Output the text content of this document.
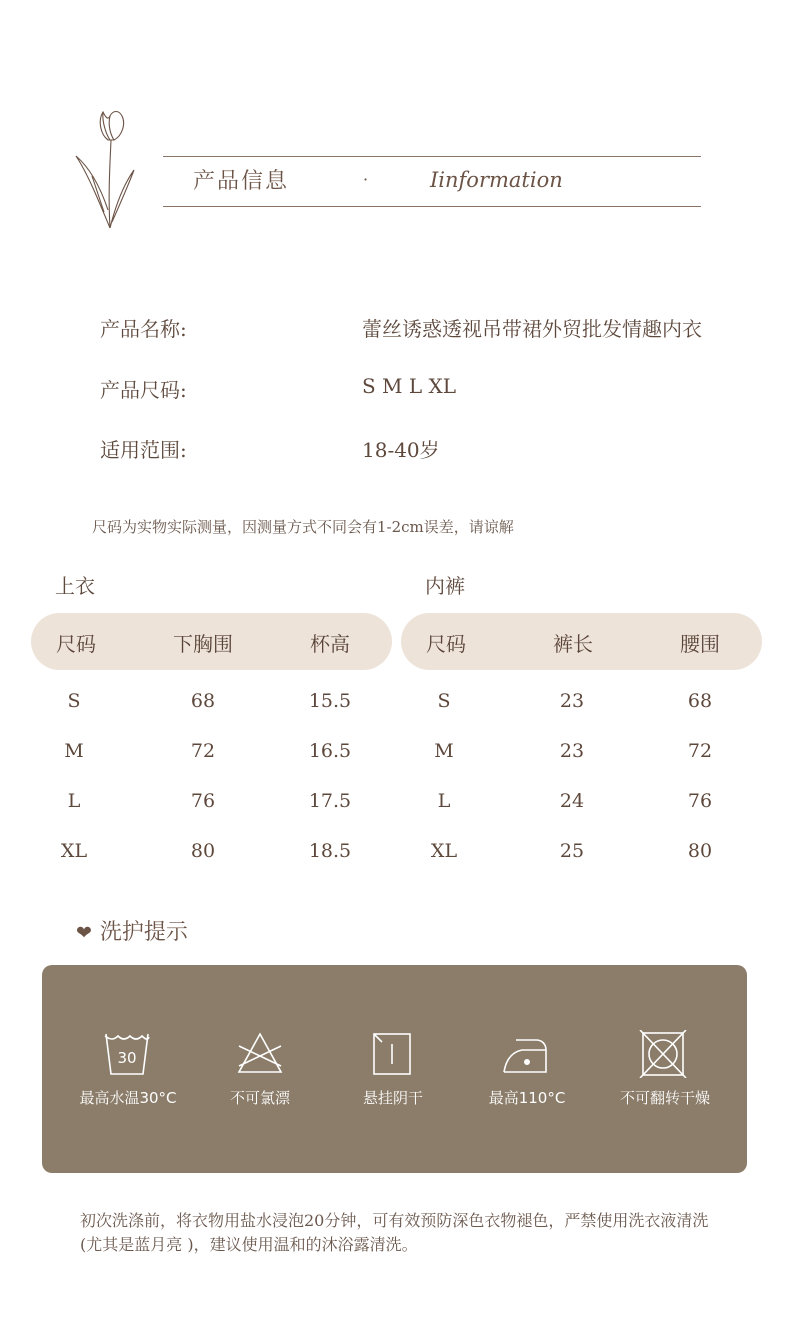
产品信息	·	Iinformation
产品名称:	蕾丝诱惑透视吊带裙外贸批发情趣内衣
产品尺码:	S M L XL
适用范围:	18-40岁
尺码为实物实际测量，因测量方式不同会有1-2cm误差，请谅解
上衣
尺码	下胸围	杯高
S	68	15.5
M	72	16.5
L	76	17.5
XL	80	18.5
内裤
尺码	裤长	腰围
S	23	68
M	23	72
L	24	76
XL	25	80
❤ 洗护提示
30
最高水温30°C	不可氯漂	悬挂阴干	最高110°C	不可翻转干燥
初次洗涤前，将衣物用盐水浸泡20分钟，可有效预防深色衣物褪色，严禁使用洗衣液清洗(尤其是蓝月亮 )，建议使用温和的沐浴露清洗。
